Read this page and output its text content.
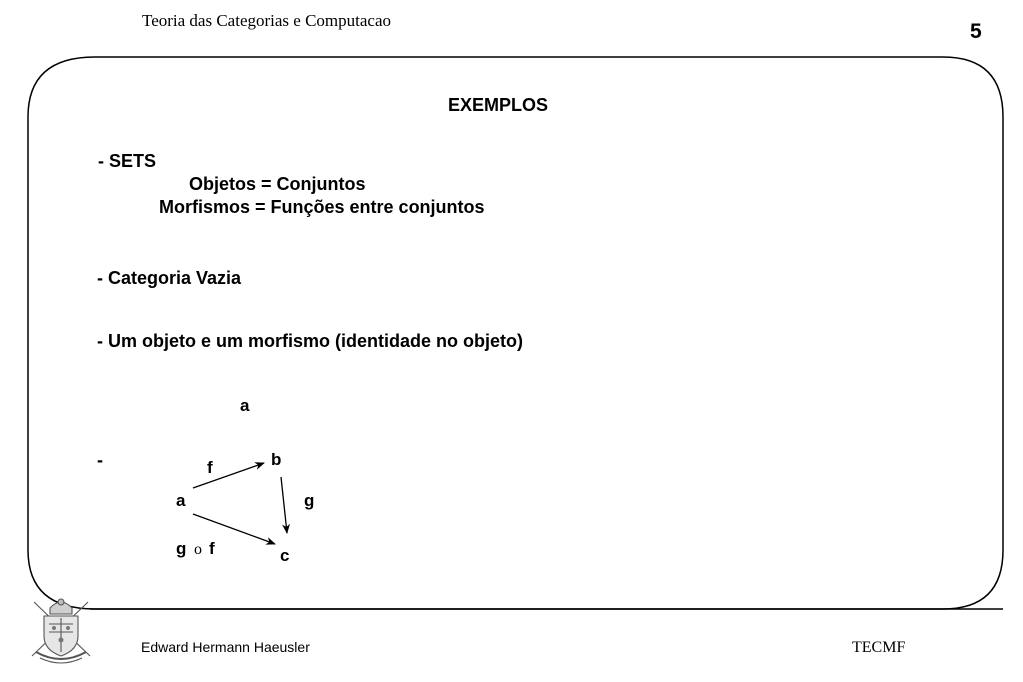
Teoria das Categorias e Computacao	5
EXEMPLOS
- SETS
Objetos = Conjuntos
Morfismos = Funções entre conjuntos
- Categoria Vazia
- Um objeto e um morfismo (identidade no objeto)
a
-
a
b
c
f
g
g o f
Edward Hermann Haeusler	TECMF
